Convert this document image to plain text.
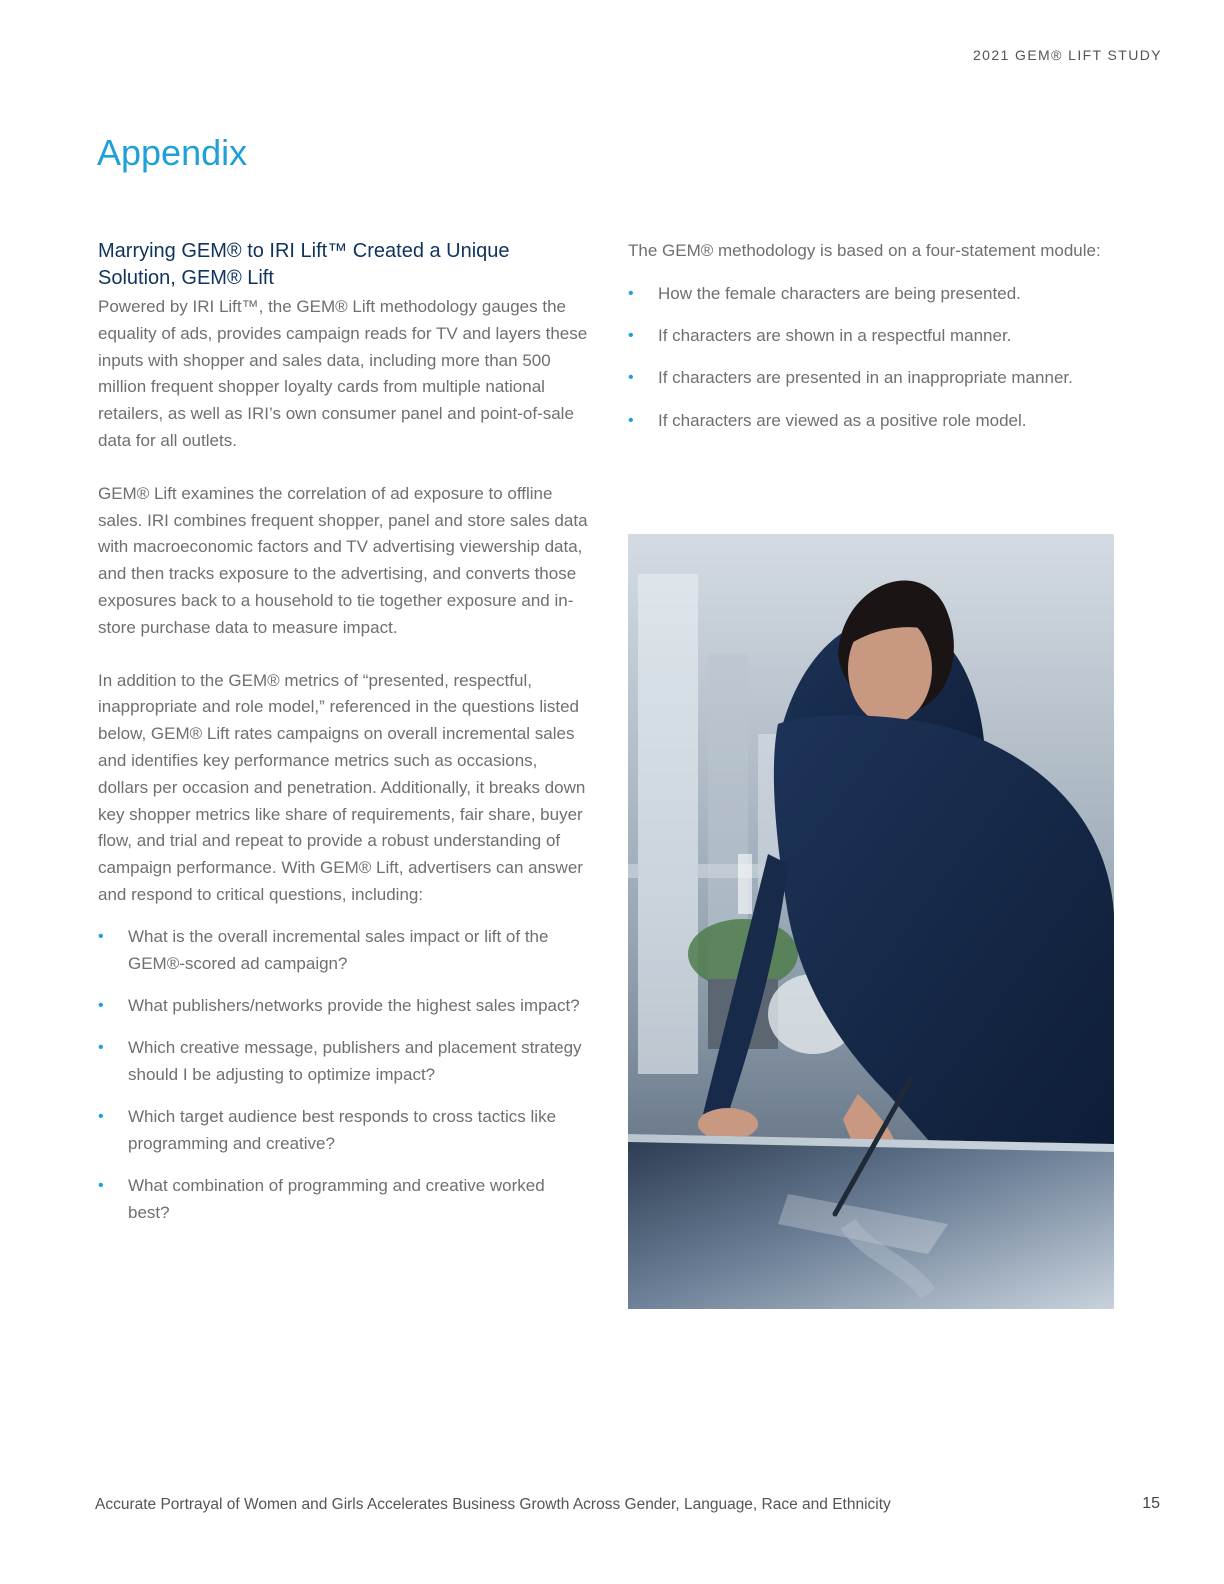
2021 GEM® LIFT STUDY
Appendix
Marrying GEM® to IRI Lift™ Created a Unique Solution, GEM® Lift

Powered by IRI Lift™, the GEM® Lift methodology gauges the equality of ads, provides campaign reads for TV and layers these inputs with shopper and sales data, including more than 500 million frequent shopper loyalty cards from multiple national retailers, as well as IRI’s own consumer panel and point-of-sale data for all outlets.

GEM® Lift examines the correlation of ad exposure to offline sales. IRI combines frequent shopper, panel and store sales data with macroeconomic factors and TV advertising viewership data, and then tracks exposure to the advertising, and converts those exposures back to a household to tie together exposure and in-store purchase data to measure impact.

In addition to the GEM® metrics of “presented, respectful, inappropriate and role model,” referenced in the questions listed below, GEM® Lift rates campaigns on overall incremental sales and identifies key performance metrics such as occasions, dollars per occasion and penetration. Additionally, it breaks down key shopper metrics like share of requirements, fair share, buyer flow, and trial and repeat to provide a robust understanding of campaign performance. With GEM® Lift, advertisers can answer and respond to critical questions, including:

• What is the overall incremental sales impact or lift of the GEM®-scored ad campaign?
• What publishers/networks provide the highest sales impact?
• Which creative message, publishers and placement strategy should I be adjusting to optimize impact?
• Which target audience best responds to cross tactics like programming and creative?
• What combination of programming and creative worked best?

The GEM® methodology is based on a four-statement module:

• How the female characters are being presented.
• If characters are shown in a respectful manner.
• If characters are presented in an inappropriate manner.
• If characters are viewed as a positive role model.
Accurate Portrayal of Women and Girls Accelerates Business Growth Across Gender, Language, Race and Ethnicity	15
